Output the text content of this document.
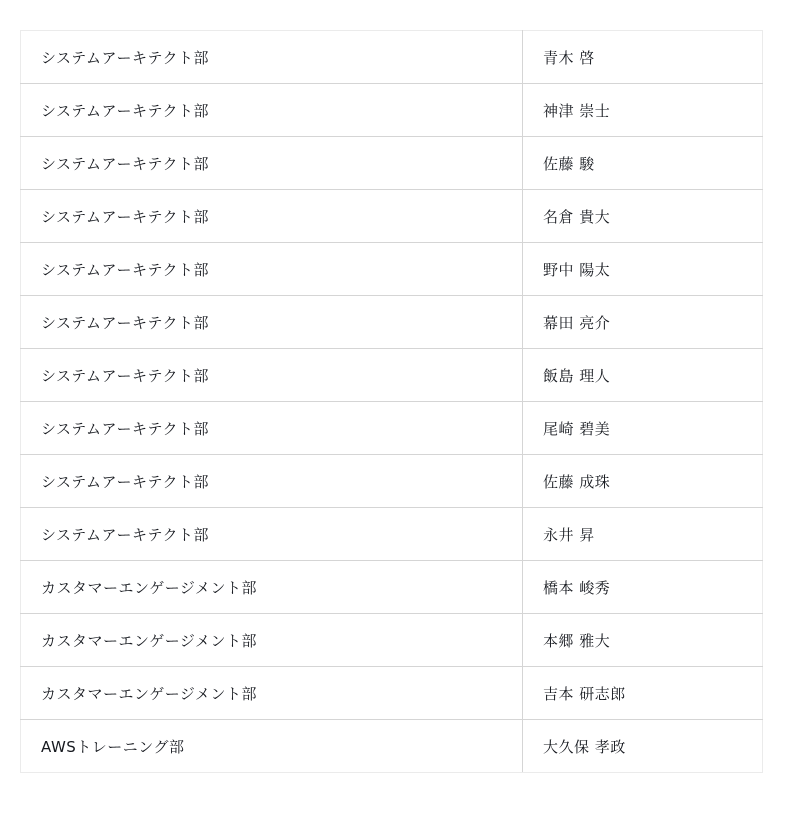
システムアーキテクト部	青木 啓
システムアーキテクト部	神津 崇士
システムアーキテクト部	佐藤 駿
システムアーキテクト部	名倉 貴大
システムアーキテクト部	野中 陽太
システムアーキテクト部	幕田 亮介
システムアーキテクト部	飯島 理人
システムアーキテクト部	尾崎 碧美
システムアーキテクト部	佐藤 成珠
システムアーキテクト部	永井 昇
カスタマーエンゲージメント部	橋本 峻秀
カスタマーエンゲージメント部	本郷 雅大
カスタマーエンゲージメント部	吉本 研志郎
AWSトレーニング部	大久保 孝政
